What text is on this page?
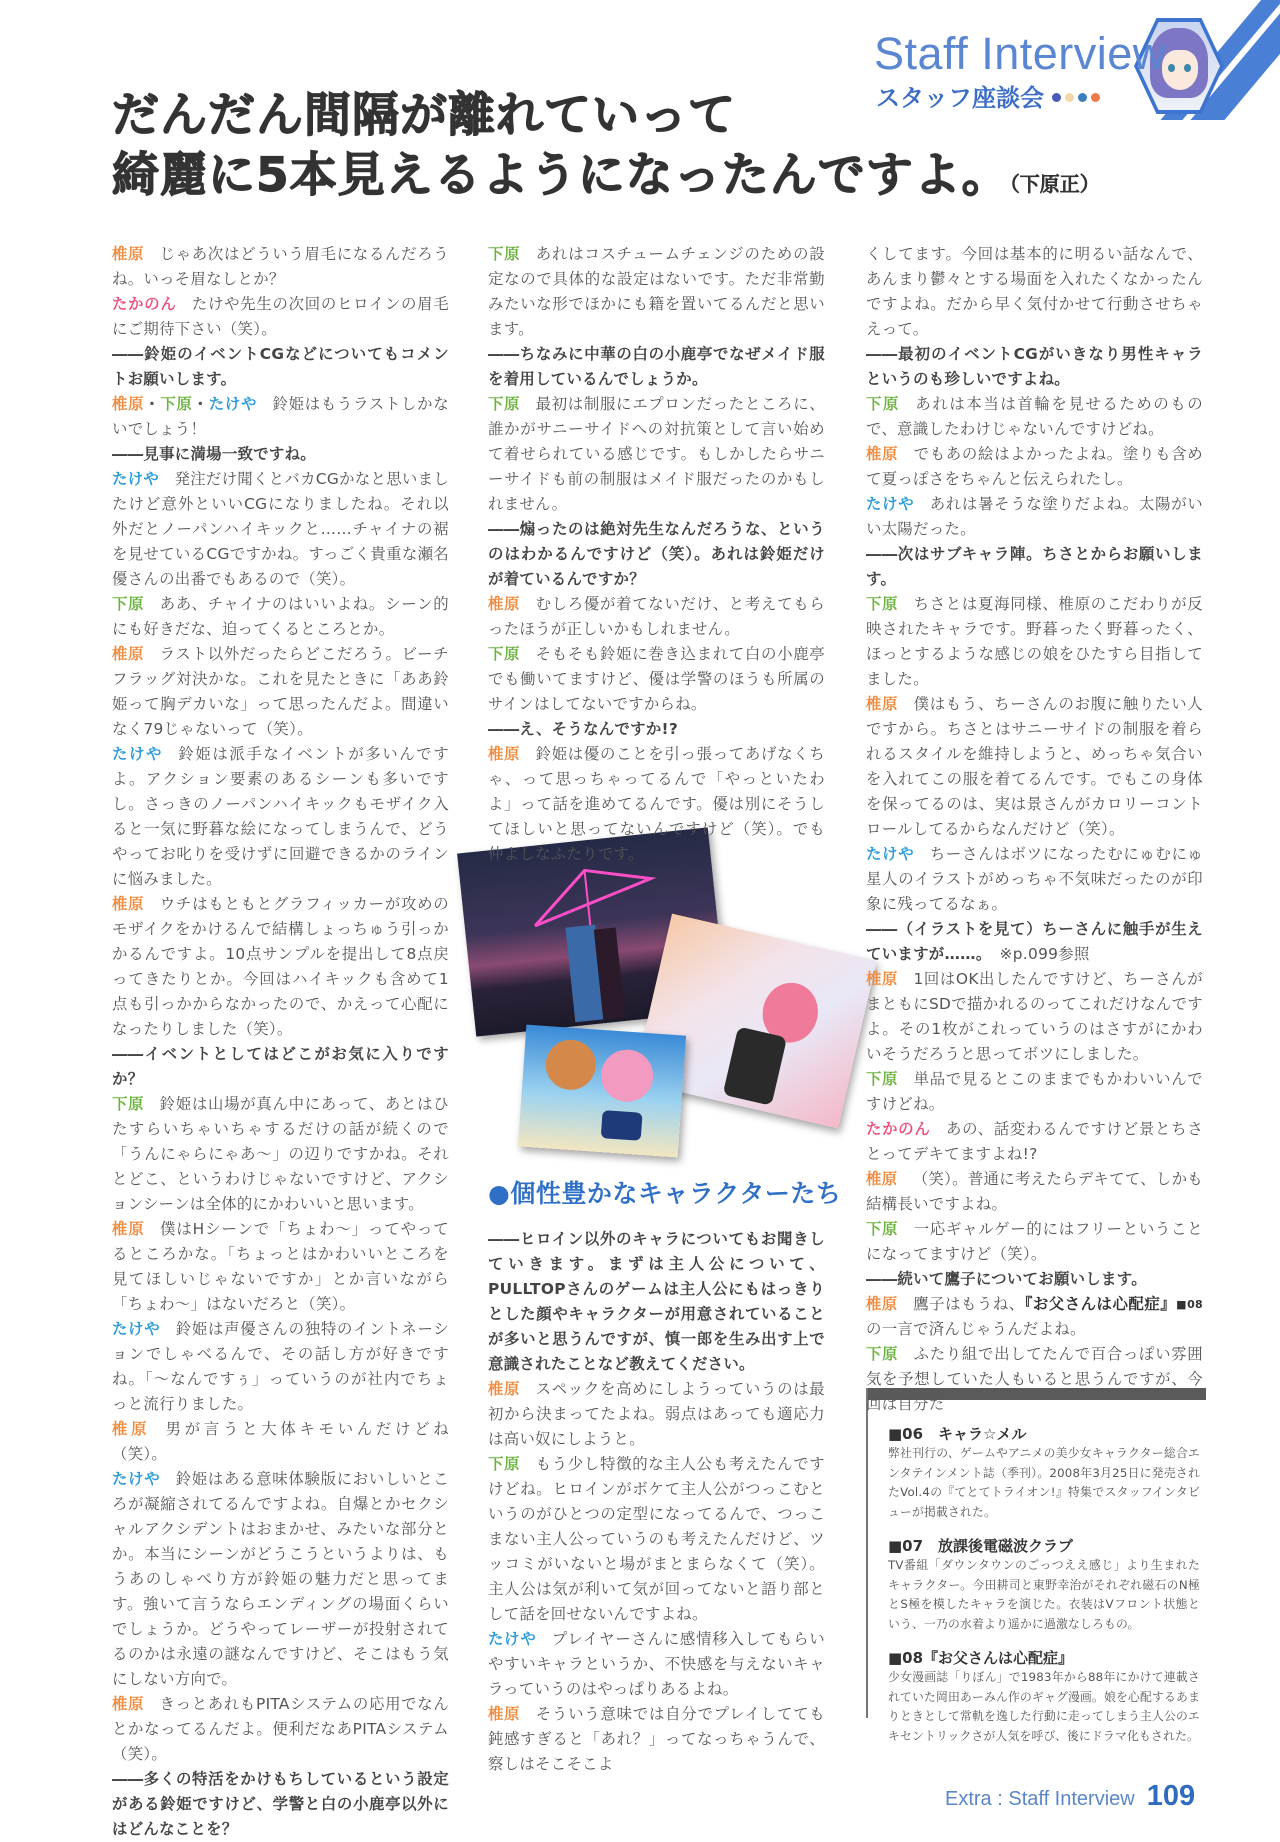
Staff Interview
スタッフ座談会
だんだん間隔が離れていって
綺麗に5本見えるようになったんですよ。（下原正）

椎原 じゃあ次はどういう眉毛になるんだろうね。いっそ眉なしとか？

たかのん たけや先生の次回のヒロインの眉毛にご期待下さい（笑）。

――鈴姫のイベントCGなどについてもコメントお願いします。

椎原・下原・たけや 鈴姫はもうラストしかないでしょう！

――見事に満場一致ですね。

たけや 発注だけ聞くとバカCGかなと思いましたけど意外といいCGになりましたね。それ以外だとノーパンハイキックと……チャイナの裾を見せているCGですかね。すっごく貴重な瀬名優さんの出番でもあるので（笑）。

下原 ああ、チャイナのはいいよね。シーン的にも好きだな、迫ってくるところとか。

椎原 ラスト以外だったらどこだろう。ビーチフラッグ対決かな。これを見たときに「ああ鈴姫って胸デカいな」って思ったんだよ。間違いなく79じゃないって（笑）。

たけや 鈴姫は派手なイベントが多いんですよ。アクション要素のあるシーンも多いですし。さっきのノーパンハイキックもモザイク入ると一気に野暮な絵になってしまうんで、どうやってお叱りを受けずに回避できるかのラインに悩みました。

椎原 ウチはもともとグラフィッカーが攻めのモザイクをかけるんで結構しょっちゅう引っかかるんですよ。10点サンプルを提出して8点戻ってきたりとか。今回はハイキックも含めて1点も引っかからなかったので、かえって心配になったりしました（笑）。

――イベントとしてはどこがお気に入りですか？

下原 鈴姫は山場が真ん中にあって、あとはひたすらいちゃいちゃするだけの話が続くので「うんにゃらにゃあ～」の辺りですかね。それとどこ、というわけじゃないですけど、アクションシーンは全体的にかわいいと思います。

椎原 僕はHシーンで「ちょわ～」ってやってるところかな。「ちょっとはかわいいところを見てほしいじゃないですか」とか言いながら「ちょわ～」はないだろと（笑）。

たけや 鈴姫は声優さんの独特のイントネーションでしゃべるんで、その話し方が好きですね。「～なんですぅ」っていうのが社内でちょっと流行りました。

椎原 男が言うと大体キモいんだけどね（笑）。

たけや 鈴姫はある意味体験版においしいところが凝縮されてるんですよね。自爆とかセクシャルアクシデントはおまかせ、みたいな部分とか。本当にシーンがどうこうというよりは、もうあのしゃべり方が鈴姫の魅力だと思ってます。強いて言うならエンディングの場面くらいでしょうか。どうやってレーザーが投射されてるのかは永遠の謎なんですけど、そこはもう気にしない方向で。

椎原 きっとあれもPITAシステムの応用でなんとかなってるんだよ。便利だなあPITAシステム（笑）。

――多くの特活をかけもちしているという設定がある鈴姫ですけど、学警と白の小鹿亭以外にはどんなことを？

下原 あれはコスチュームチェンジのための設定なので具体的な設定はないです。ただ非常勤みたいな形でほかにも籍を置いてるんだと思います。

――ちなみに中華の白の小鹿亭でなぜメイド服を着用しているんでしょうか。

下原 最初は制服にエプロンだったところに、誰かがサニーサイドへの対抗策として言い始めて着せられている感じです。もしかしたらサニーサイドも前の制服はメイド服だったのかもしれません。

――煽ったのは絶対先生なんだろうな、というのはわかるんですけど（笑）。あれは鈴姫だけが着ているんですか？

椎原 むしろ優が着てないだけ、と考えてもらったほうが正しいかもしれません。

下原 そもそも鈴姫に巻き込まれて白の小鹿亭でも働いてますけど、優は学警のほうも所属のサインはしてないですからね。

――え、そうなんですか!?

椎原 鈴姫は優のことを引っ張ってあげなくちゃ、って思っちゃってるんで「やっといたわよ」って話を進めてるんです。優は別にそうしてほしいと思ってないんですけど（笑）。でも仲よしなふたりです。

●個性豊かなキャラクターたち

――ヒロイン以外のキャラについてもお聞きしていきます。まずは主人公について、PULLTOPさんのゲームは主人公にもはっきりとした顔やキャラクターが用意されていることが多いと思うんですが、慎一郎を生み出す上で意識されたことなど教えてください。

椎原 スペックを高めにしようっていうのは最初から決まってたよね。弱点はあっても適応力は高い奴にしようと。

下原 もう少し特徴的な主人公も考えたんですけどね。ヒロインがボケて主人公がつっこむというのがひとつの定型になってるんで、つっこまない主人公っていうのも考えたんだけど、ツッコミがいないと場がまとまらなくて（笑）。主人公は気が利いて気が回ってないと語り部として話を回せないんですよね。

たけや プレイヤーさんに感情移入してもらいやすいキャラというか、不快感を与えないキャラっていうのはやっぱりあるよね。

椎原 そういう意味では自分でプレイしてても鈍感すぎると「あれ？」ってなっちゃうんで、察しはそこそこよ

くしてます。今回は基本的に明るい話なんで、あんまり鬱々とする場面を入れたくなかったんですよね。だから早く気付かせて行動させちゃえって。

――最初のイベントCGがいきなり男性キャラというのも珍しいですよね。

下原 あれは本当は首輪を見せるためのもので、意識したわけじゃないんですけどね。

椎原 でもあの絵はよかったよね。塗りも含めて夏っぽさをちゃんと伝えられたし。

たけや あれは暑そうな塗りだよね。太陽がいい太陽だった。

――次はサブキャラ陣。ちさとからお願いします。

下原 ちさとは夏海同様、椎原のこだわりが反映されたキャラです。野暮ったく野暮ったく、ほっとするような感じの娘をひたすら目指してました。

椎原 僕はもう、ちーさんのお腹に触りたい人ですから。ちさとはサニーサイドの制服を着られるスタイルを維持しようと、めっちゃ気合いを入れてこの服を着てるんです。でもこの身体を保ってるのは、実は景さんがカロリーコントロールしてるからなんだけど（笑）。

たけや ちーさんはボツになったむにゅむにゅ星人のイラストがめっちゃ不気味だったのが印象に残ってるなぁ。

――（イラストを見て）ちーさんに触手が生えていますが……。　※p.099参照

椎原 1回はOK出したんですけど、ちーさんがまともにSDで描かれるのってこれだけなんですよ。その1枚がこれっていうのはさすがにかわいそうだろうと思ってボツにしました。

下原 単品で見るとこのままでもかわいいんですけどね。

たかのん あの、話変わるんですけど景とちさとってデキてますよね!?

椎原 （笑）。普通に考えたらデキてて、しかも結構長いですよね。

下原 一応ギャルゲー的にはフリーということになってますけど（笑）。

――続いて鷹子についてお願いします。

椎原 鷹子はもうね、『お父さんは心配症』$^{■08}$の一言で済んじゃうんだよね。

下原 ふたり組で出してたんで百合っぽい雰囲気を予想していた人もいると思うんですが、今回は自分た

■06　キャラ☆メル
弊社刊行の、ゲームやアニメの美少女キャラクター総合エンタテインメント誌（季刊）。2008年3月25日に発売されたVol.4の『てとてトライオン!』特集でスタッフインタビューが掲載された。
■07　放課後電磁波クラブ
TV番組「ダウンタウンのごっつええ感じ」より生まれたキャラクター。今田耕司と東野幸治がそれぞれ磁石のN極とS極を模したキャラを演じた。衣装はVフロント状態という、一乃の水着より遥かに過激なしろもの。
■08『お父さんは心配症』
少女漫画誌「りぼん」で1983年から88年にかけて連載されていた岡田あーみん作のギャグ漫画。娘を心配するあまりときとして常軌を逸した行動に走ってしまう主人公のエキセントリックさが人気を呼び、後にドラマ化もされた。
Extra : Staff Interview 109
